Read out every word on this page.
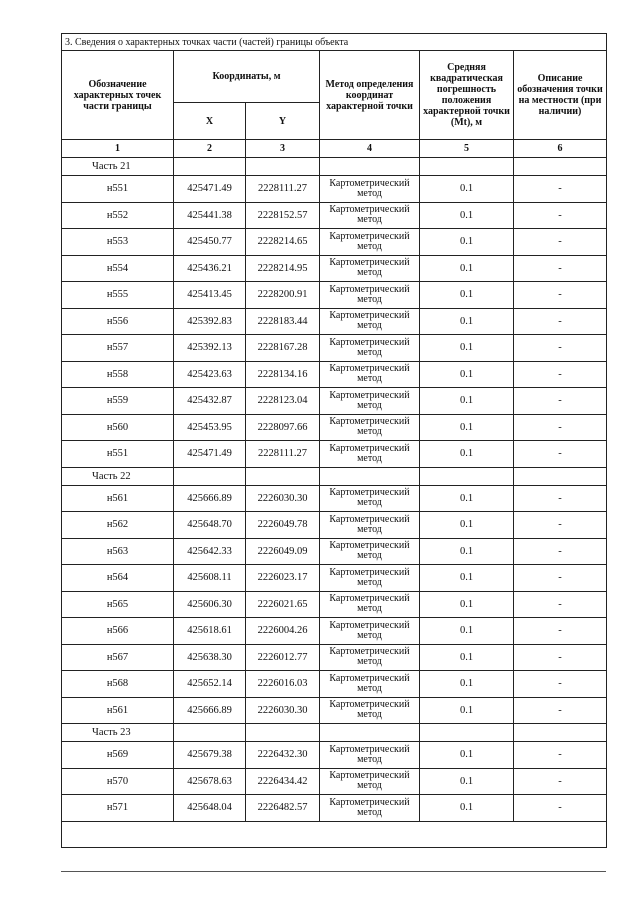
3. Сведения о характерных точках части (частей) границы объекта					
Обозначение характерных точек части границы	Координаты, м		Метод определения координат характерной точки	Средняя квадратическая погрешность положения характерной точки (Mt), м	Описание обозначения точки на местности (при наличии)
	X	Y			
1	2	3	4	5	6
Часть 21					
н551	425471.49	2228111.27	Картометрический метод	0.1	-
н552	425441.38	2228152.57	Картометрический метод	0.1	-
н553	425450.77	2228214.65	Картометрический метод	0.1	-
н554	425436.21	2228214.95	Картометрический метод	0.1	-
н555	425413.45	2228200.91	Картометрический метод	0.1	-
н556	425392.83	2228183.44	Картометрический метод	0.1	-
н557	425392.13	2228167.28	Картометрический метод	0.1	-
н558	425423.63	2228134.16	Картометрический метод	0.1	-
н559	425432.87	2228123.04	Картометрический метод	0.1	-
н560	425453.95	2228097.66	Картометрический метод	0.1	-
н551	425471.49	2228111.27	Картометрический метод	0.1	-
Часть 22					
н561	425666.89	2226030.30	Картометрический метод	0.1	-
н562	425648.70	2226049.78	Картометрический метод	0.1	-
н563	425642.33	2226049.09	Картометрический метод	0.1	-
н564	425608.11	2226023.17	Картометрический метод	0.1	-
н565	425606.30	2226021.65	Картометрический метод	0.1	-
н566	425618.61	2226004.26	Картометрический метод	0.1	-
н567	425638.30	2226012.77	Картометрический метод	0.1	-
н568	425652.14	2226016.03	Картометрический метод	0.1	-
н561	425666.89	2226030.30	Картометрический метод	0.1	-
Часть 23					
н569	425679.38	2226432.30	Картометрический метод	0.1	-
н570	425678.63	2226434.42	Картометрический метод	0.1	-
н571	425648.04	2226482.57	Картометрический метод	0.1	-
